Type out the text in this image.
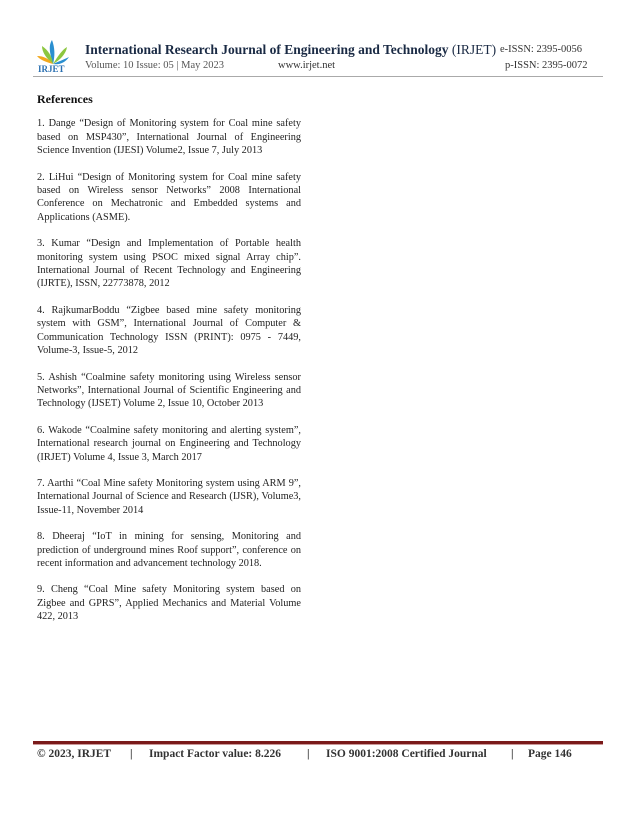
IRJET
International Research Journal of Engineering and Technology (IRJET) e-ISSN: 2395-0056
Volume: 10 Issue: 05 | May 2023	www.irjet.net	p-ISSN: 2395-0072
References

1. Dange “Design of Monitoring system for Coal mine safety based on MSP430”, International Journal of Engineering Science Invention (IJESI) Volume2, Issue 7, July 2013

2. LiHui “Design of Monitoring system for Coal mine safety based on Wireless sensor Networks” 2008 International Conference on Mechatronic and Embedded systems and Applications (ASME).

3. Kumar “Design and Implementation of Portable health monitoring system using PSOC mixed signal Array chip”. International Journal of Recent Technology and Engineering (IJRTE), ISSN, 22773878, 2012

4. RajkumarBoddu “Zigbee based mine safety monitoring system with GSM”, International Journal of Computer & Communication Technology ISSN (PRINT): 0975 - 7449, Volume-3, Issue-5, 2012

5. Ashish “Coalmine safety monitoring using Wireless sensor Networks”, International Journal of Scientific Engineering and Technology (IJSET) Volume 2, Issue 10, October 2013

6. Wakode “Coalmine safety monitoring and alerting system”, International research journal on Engineering and Technology (IRJET) Volume 4, Issue 3, March 2017

7. Aarthi “Coal Mine safety Monitoring system using ARM 9”, International Journal of Science and Research (IJSR), Volume3, Issue-11, November 2014

8. Dheeraj “IoT in mining for sensing, Monitoring and prediction of underground mines Roof support”, conference on recent information and advancement technology 2018.

9. Cheng “Coal Mine safety Monitoring system based on Zigbee and GPRS”, Applied Mechanics and Material Volume 422, 2013

© 2023, IRJET | Impact Factor value: 8.226 | ISO 9001:2008 Certified Journal | Page 146
